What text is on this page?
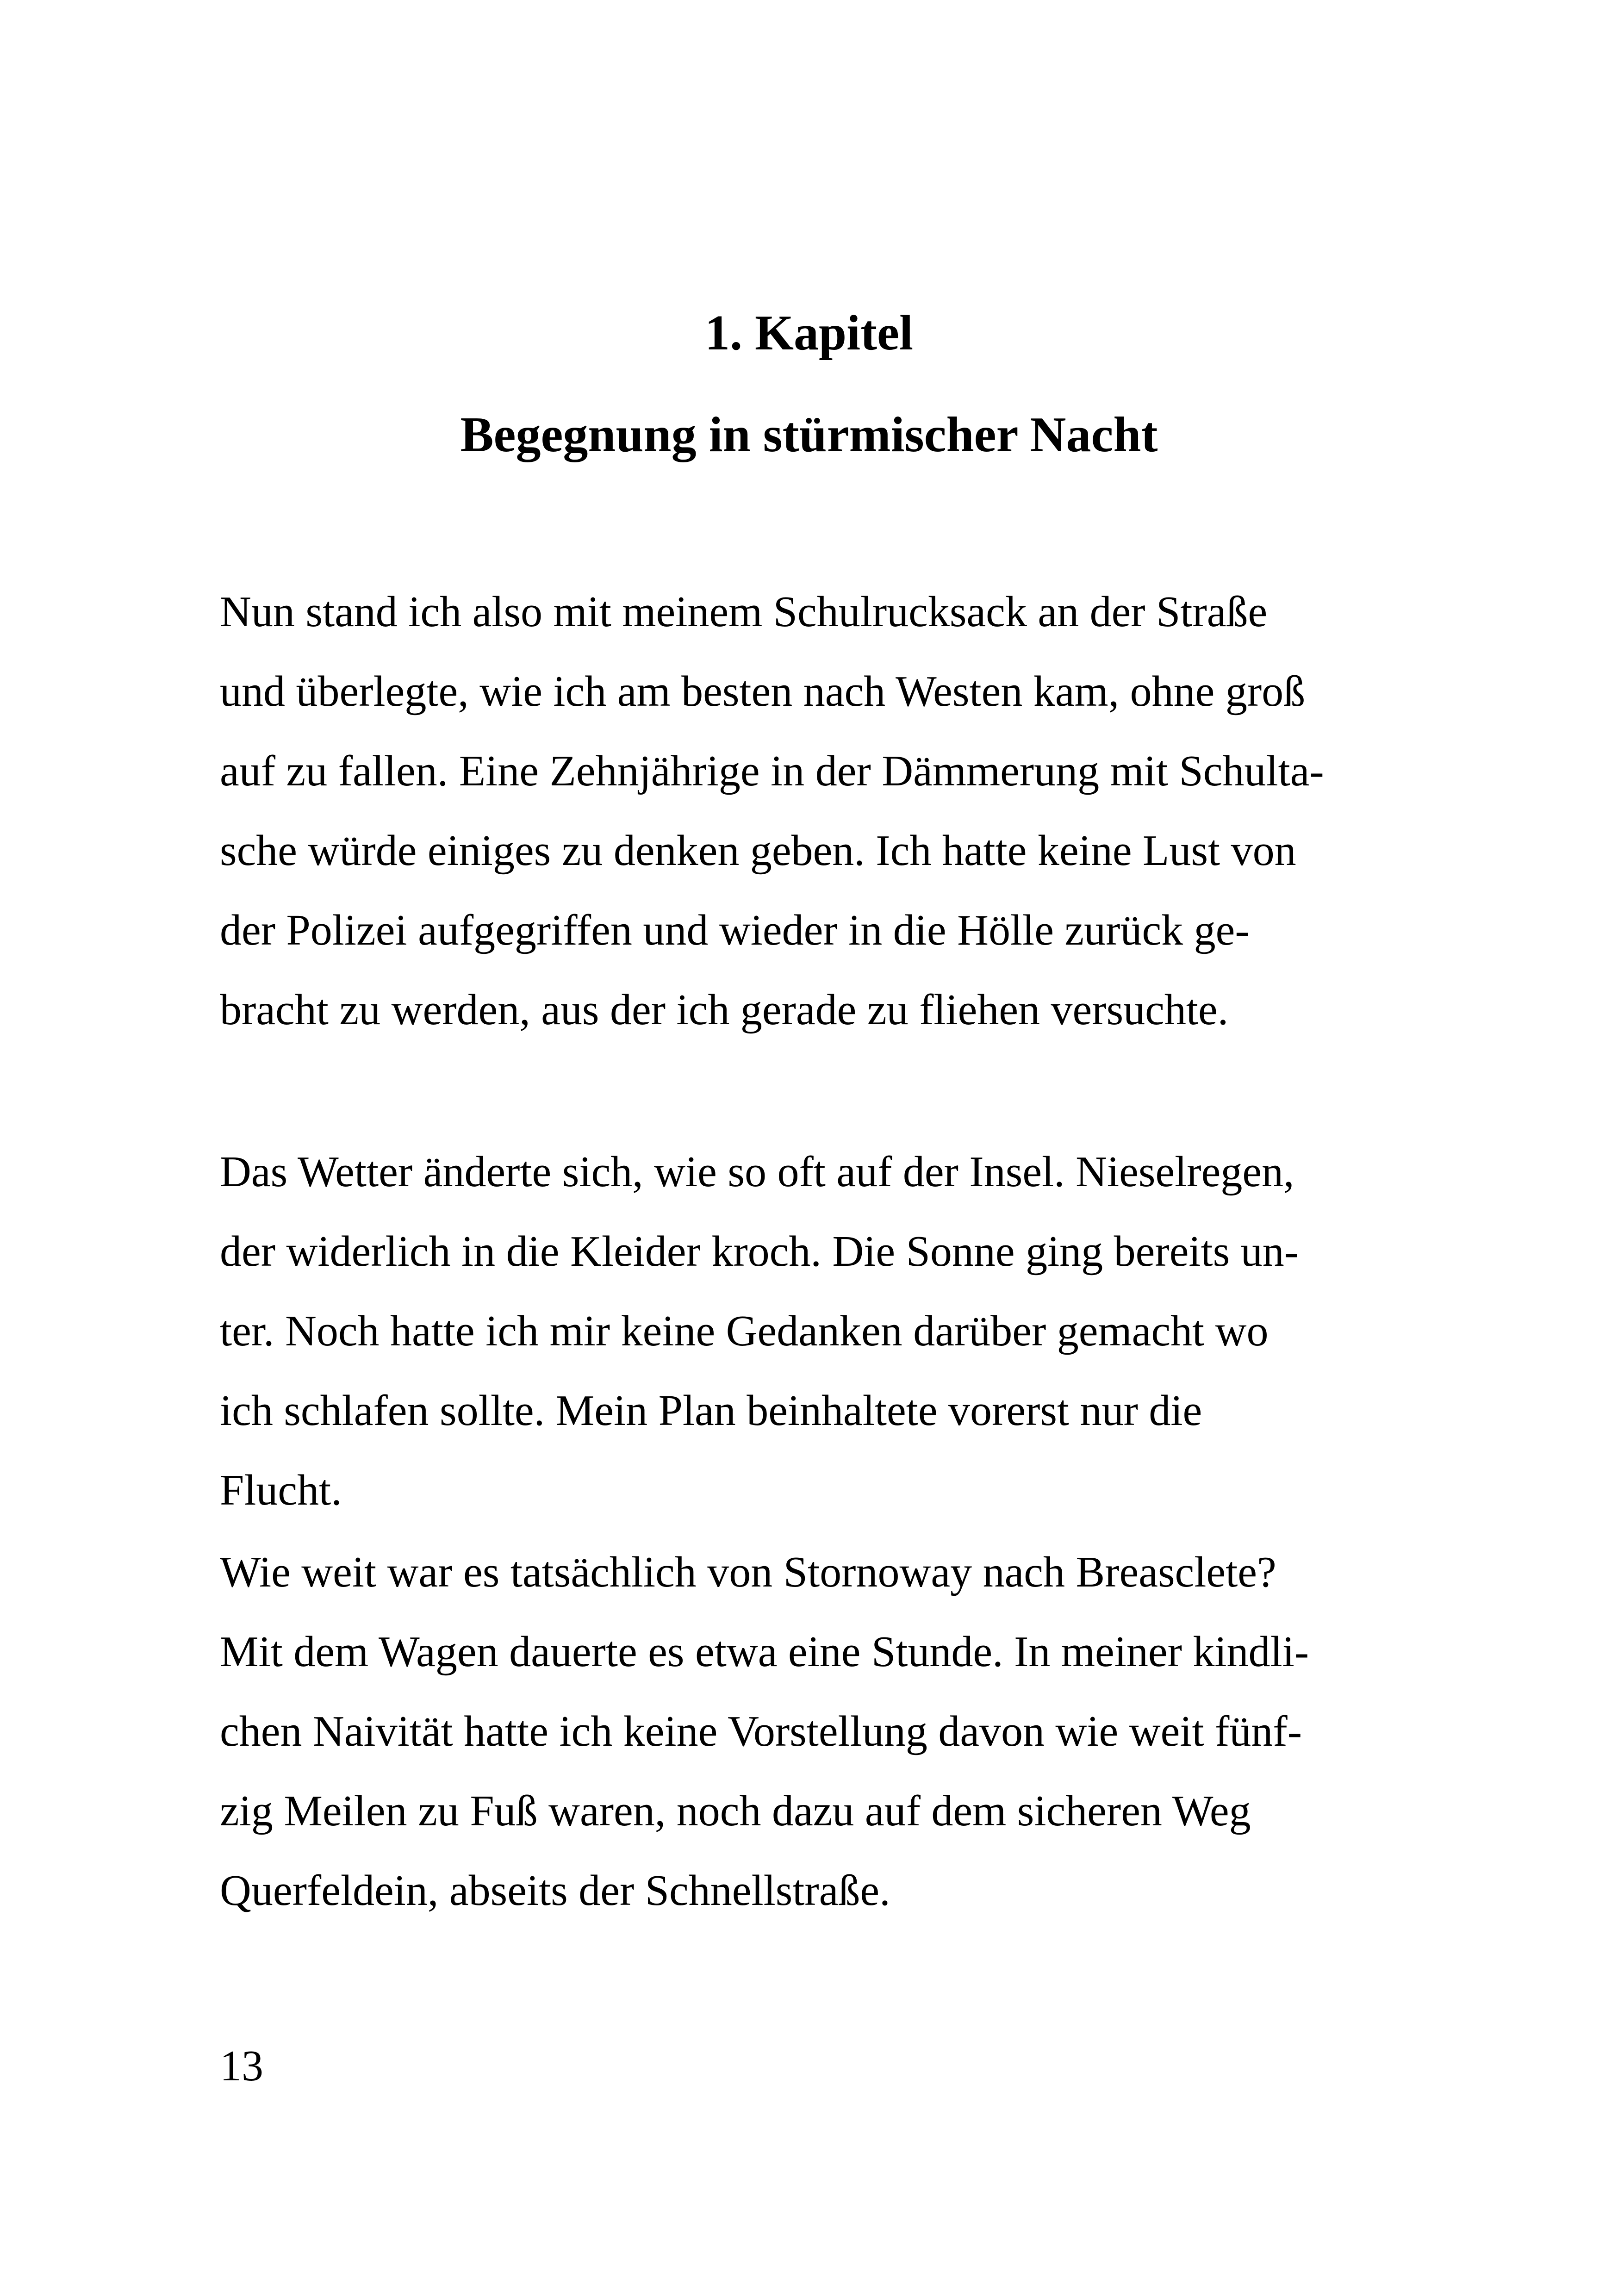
1. Kapitel
Begegnung in stürmischer Nacht

Nun stand ich also mit meinem Schulrucksack an der Straße
und überlegte, wie ich am besten nach Westen kam, ohne groß
auf zu fallen. Eine Zehnjährige in der Dämmerung mit Schulta-
sche würde einiges zu denken geben. Ich hatte keine Lust von
der Polizei aufgegriffen und wieder in die Hölle zurück ge-
bracht zu werden, aus der ich gerade zu fliehen versuchte.

Das Wetter änderte sich, wie so oft auf der Insel. Nieselregen,
der widerlich in die Kleider kroch. Die Sonne ging bereits un-
ter. Noch hatte ich mir keine Gedanken darüber gemacht wo
ich schlafen sollte. Mein Plan beinhaltete vorerst nur die
Flucht.

Wie weit war es tatsächlich von Stornoway nach Breasclete?
Mit dem Wagen dauerte es etwa eine Stunde. In meiner kindli-
chen Naivität hatte ich keine Vorstellung davon wie weit fünf-
zig Meilen zu Fuß waren, noch dazu auf dem sicheren Weg
Querfeldein, abseits der Schnellstraße.

13
